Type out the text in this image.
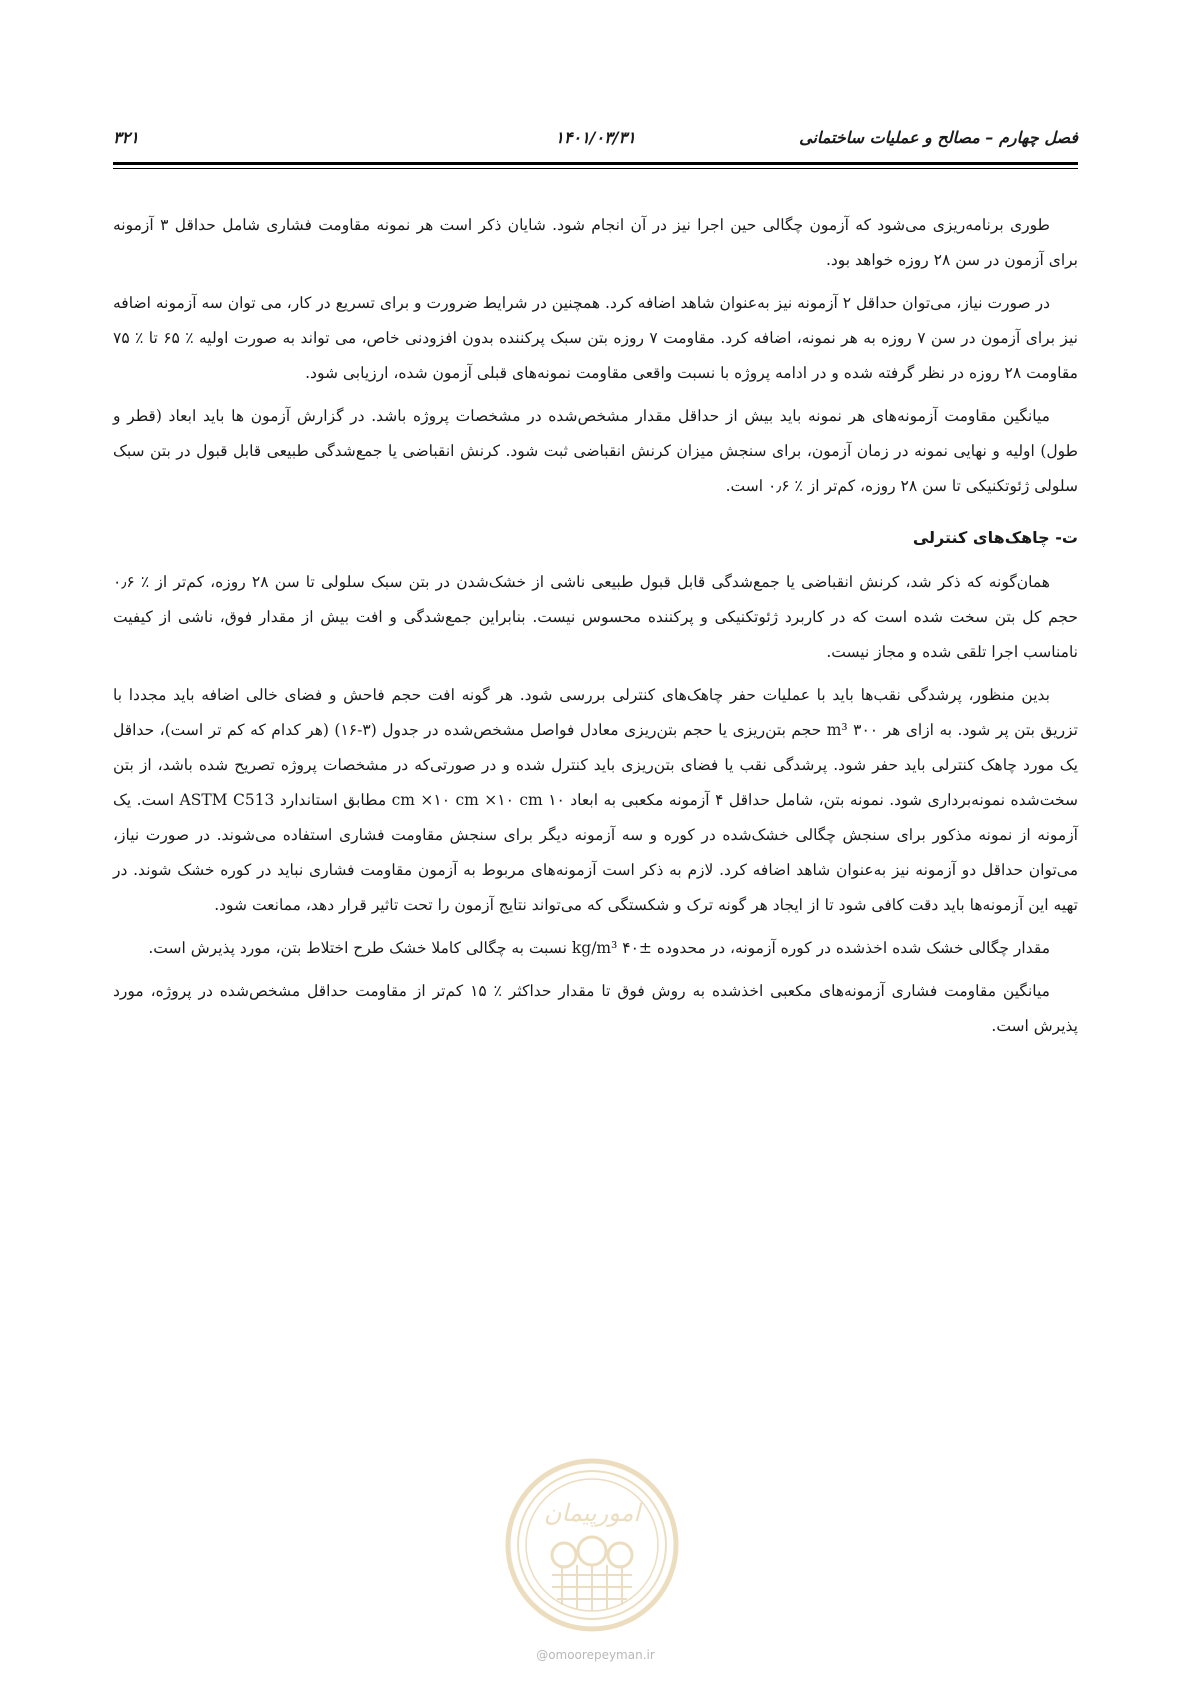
فصل چهارم – مصالح و عملیات ساختمانی
۱۴۰۱/۰۳/۳۱
۳۲۱

طوری برنامه‌ریزی می‌شود که آزمون چگالی حین اجرا نیز در آن انجام شود. شایان ذکر است هر نمونه مقاومت فشاری شامل حداقل ۳ آزمونه برای آزمون در سن ۲۸ روزه خواهد بود.

در صورت نیاز، می‌توان حداقل ۲ آزمونه نیز به‌عنوان شاهد اضافه کرد. همچنین در شرایط ضرورت و برای تسریع در کار، می توان سه آزمونه اضافه نیز برای آزمون در سن ۷ روزه به هر نمونه، اضافه کرد. مقاومت ۷ روزه بتن سبک پرکننده بدون افزودنی خاص، می تواند به صورت اولیه ٪ ۶۵ تا ٪ ۷۵ مقاومت ۲۸ روزه در نظر گرفته شده و در ادامه پروژه با نسبت واقعی مقاومت نمونه‌های قبلی آزمون شده، ارزیابی شود.

میانگین مقاومت آزمونه‌های هر نمونه باید بیش از حداقل مقدار مشخص‌شده در مشخصات پروژه باشد. در گزارش آزمون ها باید ابعاد (قطر و طول) اولیه و نهایی نمونه در زمان آزمون، برای سنجش میزان کرنش انقباضی ثبت شود. کرنش انقباضی یا جمع‌شدگی طبیعی قابل قبول در بتن سبک سلولی ژئوتکنیکی تا سن ۲۸ روزه، کم‌تر از ٪ ۰٫۶ است.

ت- چاهک‌های کنترلی

همان‌گونه که ذکر شد، کرنش انقباضی یا جمع‌شدگی قابل قبول طبیعی ناشی از خشک‌شدن در بتن سبک سلولی تا سن ۲۸ روزه، کم‌تر از ٪ ۰٫۶ حجم کل بتن سخت شده است که در کاربرد ژئوتکنیکی و پرکننده محسوس نیست. بنابراین جمع‌شدگی و افت بیش از مقدار فوق، ناشی از کیفیت نامناسب اجرا تلقی شده و مجاز نیست.

بدین منظور، پرشدگی نقب‌ها باید با عملیات حفر چاهک‌های کنترلی بررسی شود. هر گونه افت حجم فاحش و فضای خالی اضافه باید مجددا با تزریق بتن پر شود. به ازای هر ۳۰۰ m³ حجم بتن‌ریزی یا حجم بتن‌ریزی معادل فواصل مشخص‌شده در جدول (۳-۱۶) (هر کدام که کم تر است)، حداقل یک مورد چاهک کنترلی باید حفر شود. پرشدگی نقب یا فضای بتن‌ریزی باید کنترل شده و در صورتی‌که در مشخصات پروژه تصریح شده باشد، از بتن سخت‌شده نمونه‌برداری شود. نمونه بتن، شامل حداقل ۴ آزمونه مکعبی به ابعاد ۱۰ cm ×۱۰ cm ×۱۰ cm مطابق استاندارد ASTM C513 است. یک آزمونه از نمونه مذکور برای سنجش چگالی خشک‌شده در کوره و سه آزمونه دیگر برای سنجش مقاومت فشاری استفاده می‌شوند. در صورت نیاز، می‌توان حداقل دو آزمونه نیز به‌عنوان شاهد اضافه کرد. لازم به ذکر است آزمونه‌های مربوط به آزمون مقاومت فشاری نباید در کوره خشک شوند. در تهیه این آزمونه‌ها باید دقت کافی شود تا از ایجاد هر گونه ترک و شکستگی که می‌تواند نتایج آزمون را تحت تاثیر قرار دهد، ممانعت شود.

مقدار چگالی خشک شده اخذشده در کوره آزمونه، در محدوده ±۴۰ kg/m³ نسبت به چگالی کاملا خشک طرح اختلاط بتن، مورد پذیرش است.

میانگین مقاومت فشاری آزمونه‌های مکعبی اخذشده به روش فوق تا مقدار حداکثر ٪ ۱۵ کم‌تر از مقاومت حداقل مشخص‌شده در پروژه، مورد پذیرش است.

امورپیمان
@omoorepeyman.ir
